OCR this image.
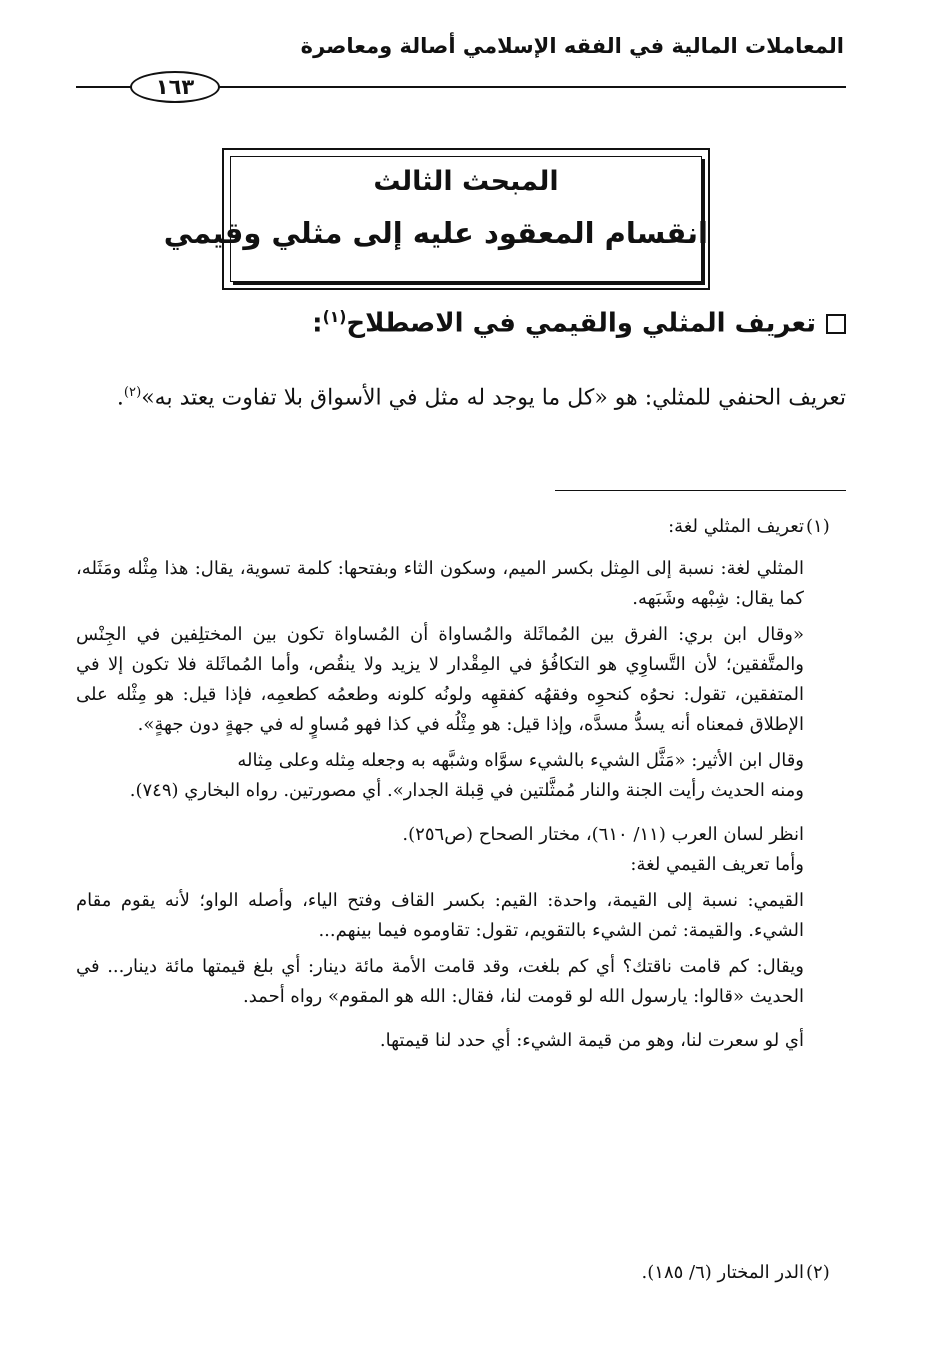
المعاملات المالية في الفقه الإسلامي أصالة ومعاصرة
١٦٣
المبحث الثالث
انقسام المعقود عليه إلى مثلي وقيمي
تعريف المثلي والقيمي في الاصطلاح$^{(١)}$:
تعريف الحنفي للمثلي: هو «كل ما يوجد له مثل في الأسواق بلا تفاوت يعتد به»$^{(٢)}$.
(١)

تعريف المثلي لغة:

المثلي لغة: نسبة إلى المِثل بكسر الميم، وسكون الثاء وبفتحها: كلمة تسوية، يقال: هذا مِثْله ومَثَله، كما يقال: شِبْهه وشَبَهه.

«وقال ابن بري: الفرق بين المُماثَلة والمُساواة أن المُساواة تكون بين المختلِفين في الجِنْس والمتَّفقين؛ لأن التَّساوِي هو التكافُؤ في المِقْدار لا يزيد ولا ينقُص، وأما المُماثَلة فلا تكون إلا في المتفقين، تقول: نحوُه كنحوِه وفقهُه كفقهِه ولونُه كلونه وطعمُه كطعمِه، فإذا قيل: هو مِثْله على الإطلاق فمعناه أنه يسدُّ مسدَّه، وإذا قيل: هو مِثْلُه في كذا فهو مُساوٍ له في جهةٍ دون جهةٍ».

وقال ابن الأثير: «مَثَّل الشيء بالشيء سوَّاه وشبَّهه به وجعله مِثله وعلى مِثاله

ومنه الحديث رأيت الجنة والنار مُمثَّلتين في قِبلة الجدار». أي مصورتين. رواه البخاري (٧٤٩).

انظر لسان العرب (١١/ ٦١٠)، مختار الصحاح (ص٢٥٦).

وأما تعريف القيمي لغة:

القيمي: نسبة إلى القيمة، واحدة: القيم: بكسر القاف وفتح الياء، وأصله الواو؛ لأنه يقوم مقام الشيء. والقيمة: ثمن الشيء بالتقويم، تقول: تقاوموه فيما بينهم...

ويقال: كم قامت ناقتك؟ أي كم بلغت، وقد قامت الأمة مائة دينار: أي بلغ قيمتها مائة دينار... في الحديث «قالوا: يارسول الله لو قومت لنا، فقال: الله هو المقوم» رواه أحمد.

أي لو سعرت لنا، وهو من قيمة الشيء: أي حدد لنا قيمتها.

(٢)

الدر المختار (٦/ ١٨٥).
